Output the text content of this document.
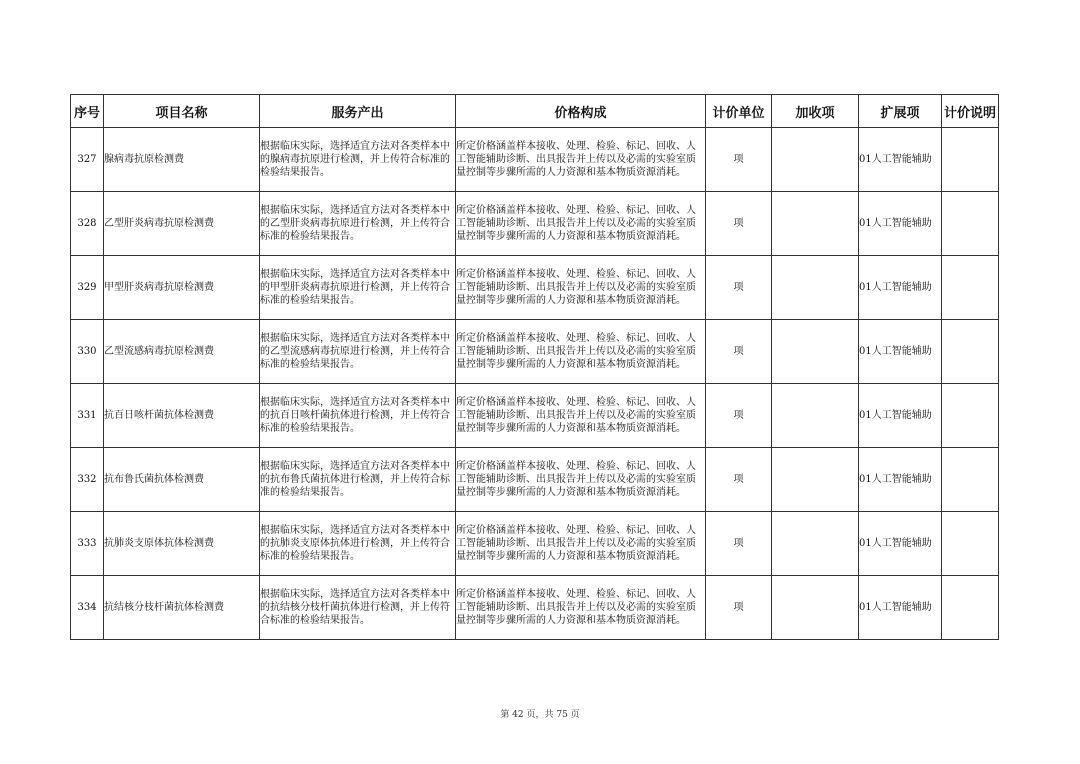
序号	项目名称	服务产出	价格构成	计价单位	加收项	扩展项	计价说明

327	腺病毒抗原检测费	根据临床实际，选择适宜方法对各类样本中的腺病毒抗原进行检测，并上传符合标准的检验结果报告。	所定价格涵盖样本接收、处理、检验、标记、回收、人工智能辅助诊断、出具报告并上传以及必需的实验室质量控制等步骤所需的人力资源和基本物质资源消耗。	项		01人工智能辅助	

328	乙型肝炎病毒抗原检测费	根据临床实际，选择适宜方法对各类样本中的乙型肝炎病毒抗原进行检测，并上传符合标准的检验结果报告。	所定价格涵盖样本接收、处理、检验、标记、回收、人工智能辅助诊断、出具报告并上传以及必需的实验室质量控制等步骤所需的人力资源和基本物质资源消耗。	项		01人工智能辅助	

329	甲型肝炎病毒抗原检测费	根据临床实际，选择适宜方法对各类样本中的甲型肝炎病毒抗原进行检测，并上传符合标准的检验结果报告。	所定价格涵盖样本接收、处理、检验、标记、回收、人工智能辅助诊断、出具报告并上传以及必需的实验室质量控制等步骤所需的人力资源和基本物质资源消耗。	项		01人工智能辅助	

330	乙型流感病毒抗原检测费	根据临床实际，选择适宜方法对各类样本中的乙型流感病毒抗原进行检测，并上传符合标准的检验结果报告。	所定价格涵盖样本接收、处理、检验、标记、回收、人工智能辅助诊断、出具报告并上传以及必需的实验室质量控制等步骤所需的人力资源和基本物质资源消耗。	项		01人工智能辅助	

331	抗百日咳杆菌抗体检测费	根据临床实际，选择适宜方法对各类样本中的抗百日咳杆菌抗体进行检测，并上传符合标准的检验结果报告。	所定价格涵盖样本接收、处理、检验、标记、回收、人工智能辅助诊断、出具报告并上传以及必需的实验室质量控制等步骤所需的人力资源和基本物质资源消耗。	项		01人工智能辅助	

332	抗布鲁氏菌抗体检测费	根据临床实际，选择适宜方法对各类样本中的抗布鲁氏菌抗体进行检测，并上传符合标准的检验结果报告。	所定价格涵盖样本接收、处理、检验、标记、回收、人工智能辅助诊断、出具报告并上传以及必需的实验室质量控制等步骤所需的人力资源和基本物质资源消耗。	项		01人工智能辅助	

333	抗肺炎支原体抗体检测费	根据临床实际，选择适宜方法对各类样本中的抗肺炎支原体抗体进行检测，并上传符合标准的检验结果报告。	所定价格涵盖样本接收、处理、检验、标记、回收、人工智能辅助诊断、出具报告并上传以及必需的实验室质量控制等步骤所需的人力资源和基本物质资源消耗。	项		01人工智能辅助	

334	抗结核分枝杆菌抗体检测费	根据临床实际，选择适宜方法对各类样本中的抗结核分枝杆菌抗体进行检测，并上传符合标准的检验结果报告。	所定价格涵盖样本接收、处理、检验、标记、回收、人工智能辅助诊断、出具报告并上传以及必需的实验室质量控制等步骤所需的人力资源和基本物质资源消耗。	项		01人工智能辅助	

第 42 页，共 75 页
